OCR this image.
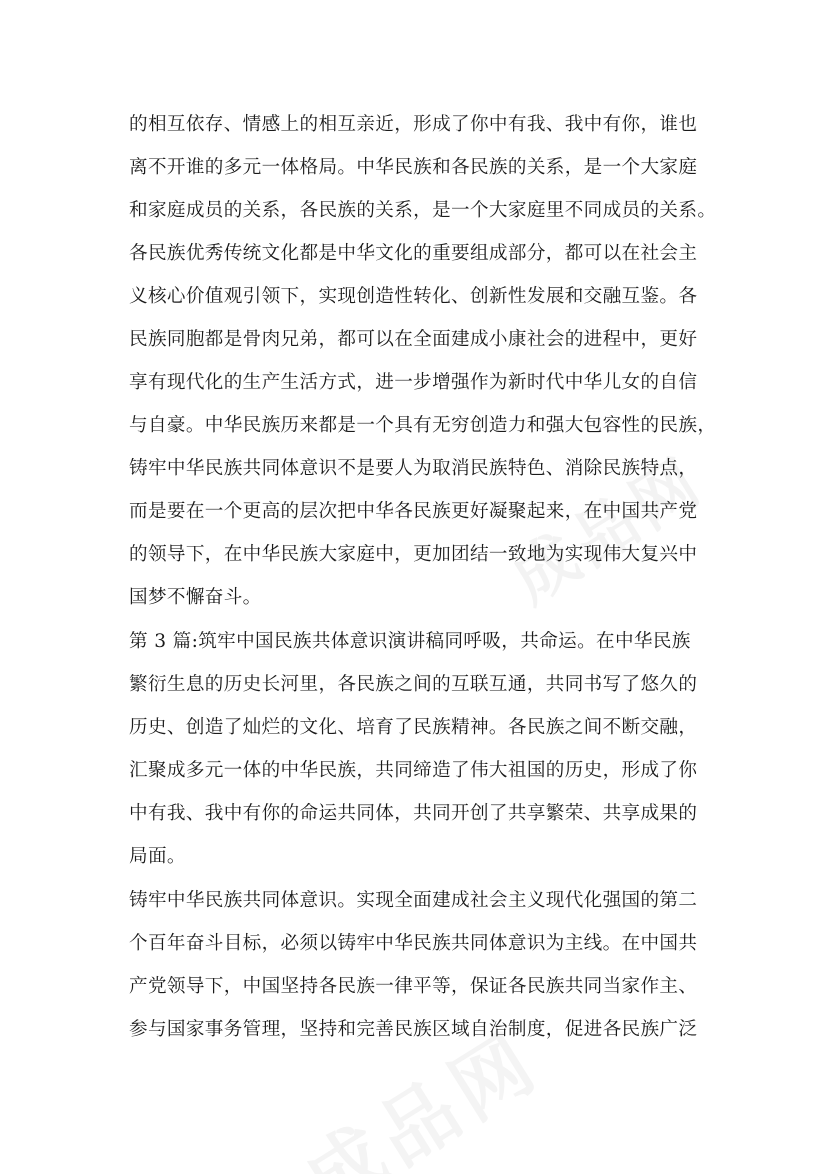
的相互依存、情感上的相互亲近，形成了你中有我、我中有你，谁也
离不开谁的多元一体格局。中华民族和各民族的关系，是一个大家庭
和家庭成员的关系，各民族的关系，是一个大家庭里不同成员的关系。
各民族优秀传统文化都是中华文化的重要组成部分，都可以在社会主
义核心价值观引领下，实现创造性转化、创新性发展和交融互鉴。各
民族同胞都是骨肉兄弟，都可以在全面建成小康社会的进程中，更好
享有现代化的生产生活方式，进一步增强作为新时代中华儿女的自信
与自豪。中华民族历来都是一个具有无穷创造力和强大包容性的民族，
铸牢中华民族共同体意识不是要人为取消民族特色、消除民族特点，
而是要在一个更高的层次把中华各民族更好凝聚起来，在中国共产党
的领导下，在中华民族大家庭中，更加团结一致地为实现伟大复兴中
国梦不懈奋斗。
第 3 篇:筑牢中国民族共体意识演讲稿同呼吸，共命运。在中华民族
繁衍生息的历史长河里，各民族之间的互联互通，共同书写了悠久的
历史、创造了灿烂的文化、培育了民族精神。各民族之间不断交融，
汇聚成多元一体的中华民族，共同缔造了伟大祖国的历史，形成了你
中有我、我中有你的命运共同体，共同开创了共享繁荣、共享成果的
局面。
铸牢中华民族共同体意识。实现全面建成社会主义现代化强国的第二
个百年奋斗目标，必须以铸牢中华民族共同体意识为主线。在中国共
产党领导下，中国坚持各民族一律平等，保证各民族共同当家作主、
参与国家事务管理，坚持和完善民族区域自治制度，促进各民族广泛
